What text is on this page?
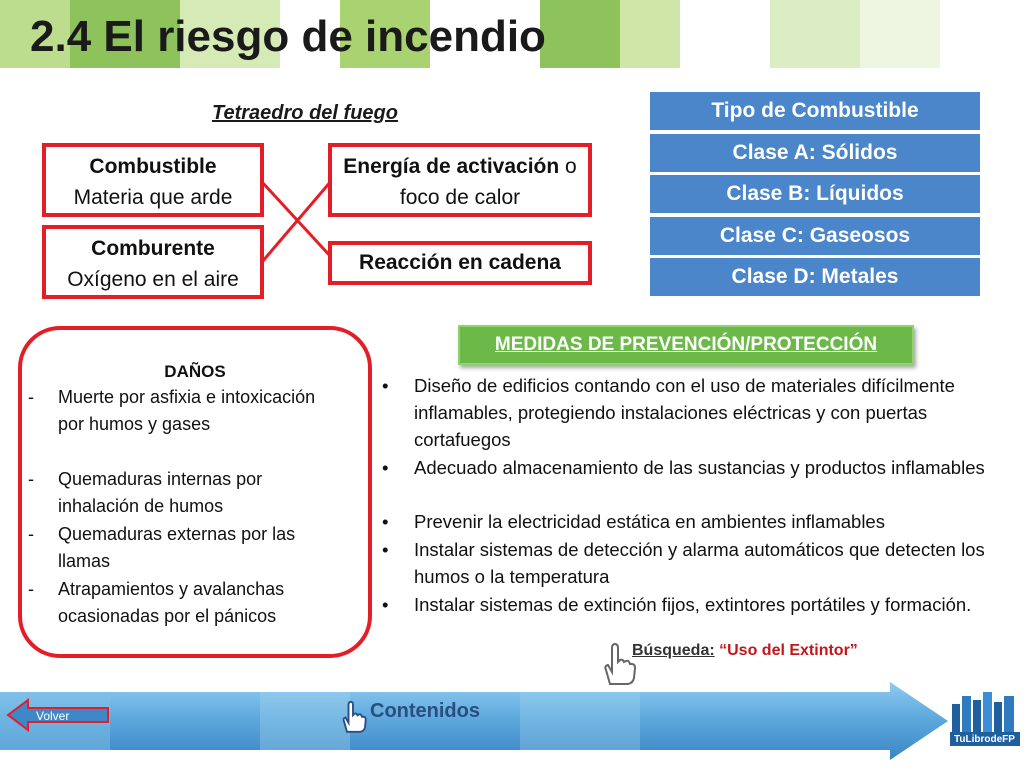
2.4 El riesgo de incendio
Tetraedro del fuego
Combustible
Materia que arde
Comburente
Oxígeno en el aire
Energía de activación o
foco de calor
Reacción en cadena
Tipo de Combustible
Clase A: Sólidos
Clase B: Líquidos
Clase C: Gaseosos
Clase D: Metales
DAÑOS
- Muerte por asfixia e intoxicación por humos y gases
- Quemaduras internas por inhalación de humos
- Quemaduras externas por las llamas
- Atrapamientos y avalanchas ocasionadas por el pánicos
MEDIDAS DE PREVENCIÓN/PROTECCIÓN
• Diseño de edificios contando con el uso de materiales difícilmente inflamables, protegiendo instalaciones eléctricas y con puertas cortafuegos
• Adecuado almacenamiento de las sustancias y productos inflamables
• Prevenir la electricidad estática en ambientes inflamables
• Instalar sistemas de detección y alarma automáticos que detecten los humos o la temperatura
• Instalar sistemas de extinción fijos, extintores portátiles y formación.
Búsqueda: “Uso del Extintor”
Volver	Contenidos
TuLibrodeFP
